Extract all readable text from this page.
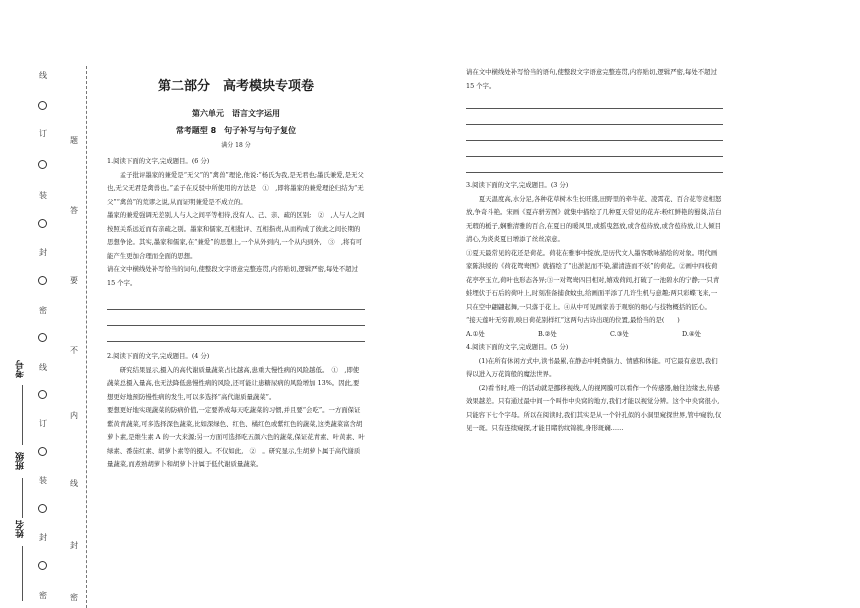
线
订
装
封
密
线
订
装
封
密
题
答
要
不
内
线
封
密
考号
班级
姓名
第二部分　高考模块专项卷
第六单元　语言文字运用
常考题型 8　句子补写与句子复位
满分 18 分

1.阅读下面的文字,完成题目。(6 分)

孟子批评墨家的兼爱是“无父”的“禽兽”理论,他说:“杨氏为我,是无君也;墨氏兼爱,是无父也,无父无君是禽兽也。”孟子在反驳中所使用的方法是　①　,即将墨家的兼爱理论归结为“无父”“禽兽”的荒谬之说,从而证明兼爱是不成立的。

墨家的兼爱强调无差别,人与人之间平等相待,没有人、己、亲、疏的区别;　②　,人与人之间按照关系远近而有亲疏之别。墨家和儒家,互相批评、互相指责,从而构成了彼此之间长期的思想争论。其实,墨家和儒家,在“兼爱”的思想上,一个从外到内,一个从内到外,　③　,将有可能产生更加合理而全面的思想。

请在文中横线处补写恰当的词句,使整段文字语意完整连贯,内容贴切,逻辑严密,每处不超过 15 个字。

2.阅读下面的文字,完成题目。(4 分)

研究结果显示,摄入的高代谢质量蔬菜占比越高,患重大慢性病的风险越低。　①　,即使蔬菜总摄入量高,也无法降低患慢性病的风险,还可能让患糖尿病的风险增加 13%。因此,要想更好地预防慢性病的发生,可以多选择“高代谢质量蔬菜”。

要想更好地实现蔬菜的防病价值,一定要养成每天吃蔬菜的习惯,并且要“会吃”。一方面保证紫黄青蔬菜,可多选择深色蔬菜,比如深绿色、红色、橘红色或紫红色的蔬菜,这类蔬菜富含胡萝卜素,是维生素 A 的一大来源;另一方面可选择吃五颜六色的蔬菜,保证花青素、叶黄素、叶绿素、番茄红素、胡萝卜素等的摄入。不仅如此,　②　。研究显示,生胡萝卜属于高代谢质量蔬菜,而煮熟胡萝卜和胡萝卜汁属于低代谢质量蔬菜。

请在文中横线处补写恰当的语句,使整段文字语意完整连贯,内容贴切,逻辑严密,每处不超过 15 个字。

3.阅读下面的文字,完成题目。(3 分)

夏天温度高,水分足,各种花草树木生长旺盛,田野里的牵牛花、凌霄花、百合花等竞相怒放,争奇斗艳。宋画《夏卉骈芳图》就集中描绘了几种夏天常见的花卉:粉红鲜艳的蜀葵,洁白无瑕的栀子,娴雅清雅的百合,在夏日的暖风里,或摇曳怒放,或含苞待放,或含苞待放,让人倾目清心,为炎炎夏日增添了丝丝凉意。

①夏天最常见的花还是荷花。荷花在雅事中绽放,是历代文人墨客歌咏描绘的对象。明代画家陈洪绶的《荷花鸳鸯图》就描绘了“出淤泥而不染,濯清涟而不妖”的荷花。②画中四枝荷花亭亭玉立,荷叶也形态各异;③一对鸳鸯四目相对,嬉戏荷间,打破了一池碧水的宁静;一只青蛙埋伏于石后的荷叶上,时刻准备捕食蚊虫,给画面平添了几许生机与意趣;两只彩蝶飞来,一只在空中翩翩起舞,一只落于花上。④从中可见画家善于观察的细心与技物概括的匠心。

“接天莲叶无穷碧,映日荷花别样红”这两句古诗出现的位置,最恰当的是(　　)

A.①处	B.②处	C.③处	D.④处

4.阅读下面的文字,完成题目。(5 分)

(1)在所有休闲方式中,读书最累,在静态中耗费脑力、情感和体能。可它最有意思,我们得以进入万花筒般的魔法世界。

(2)看书时,唯一的活动就是挪移视线,人的视网膜可以看作一个传感器,触往边缘去,传感效果越差。只有通过最中间一个叫作中央窝的地方,我们才能以视觉分辨。这个中央窝很小,只能容下七个字母。所以在阅读时,我们其实是从一个针孔似的小洞里窥探世界,管中窥豹,仅见一斑。只有连续窥探,才能目睹豹纹锦簇,身形斑斓……
